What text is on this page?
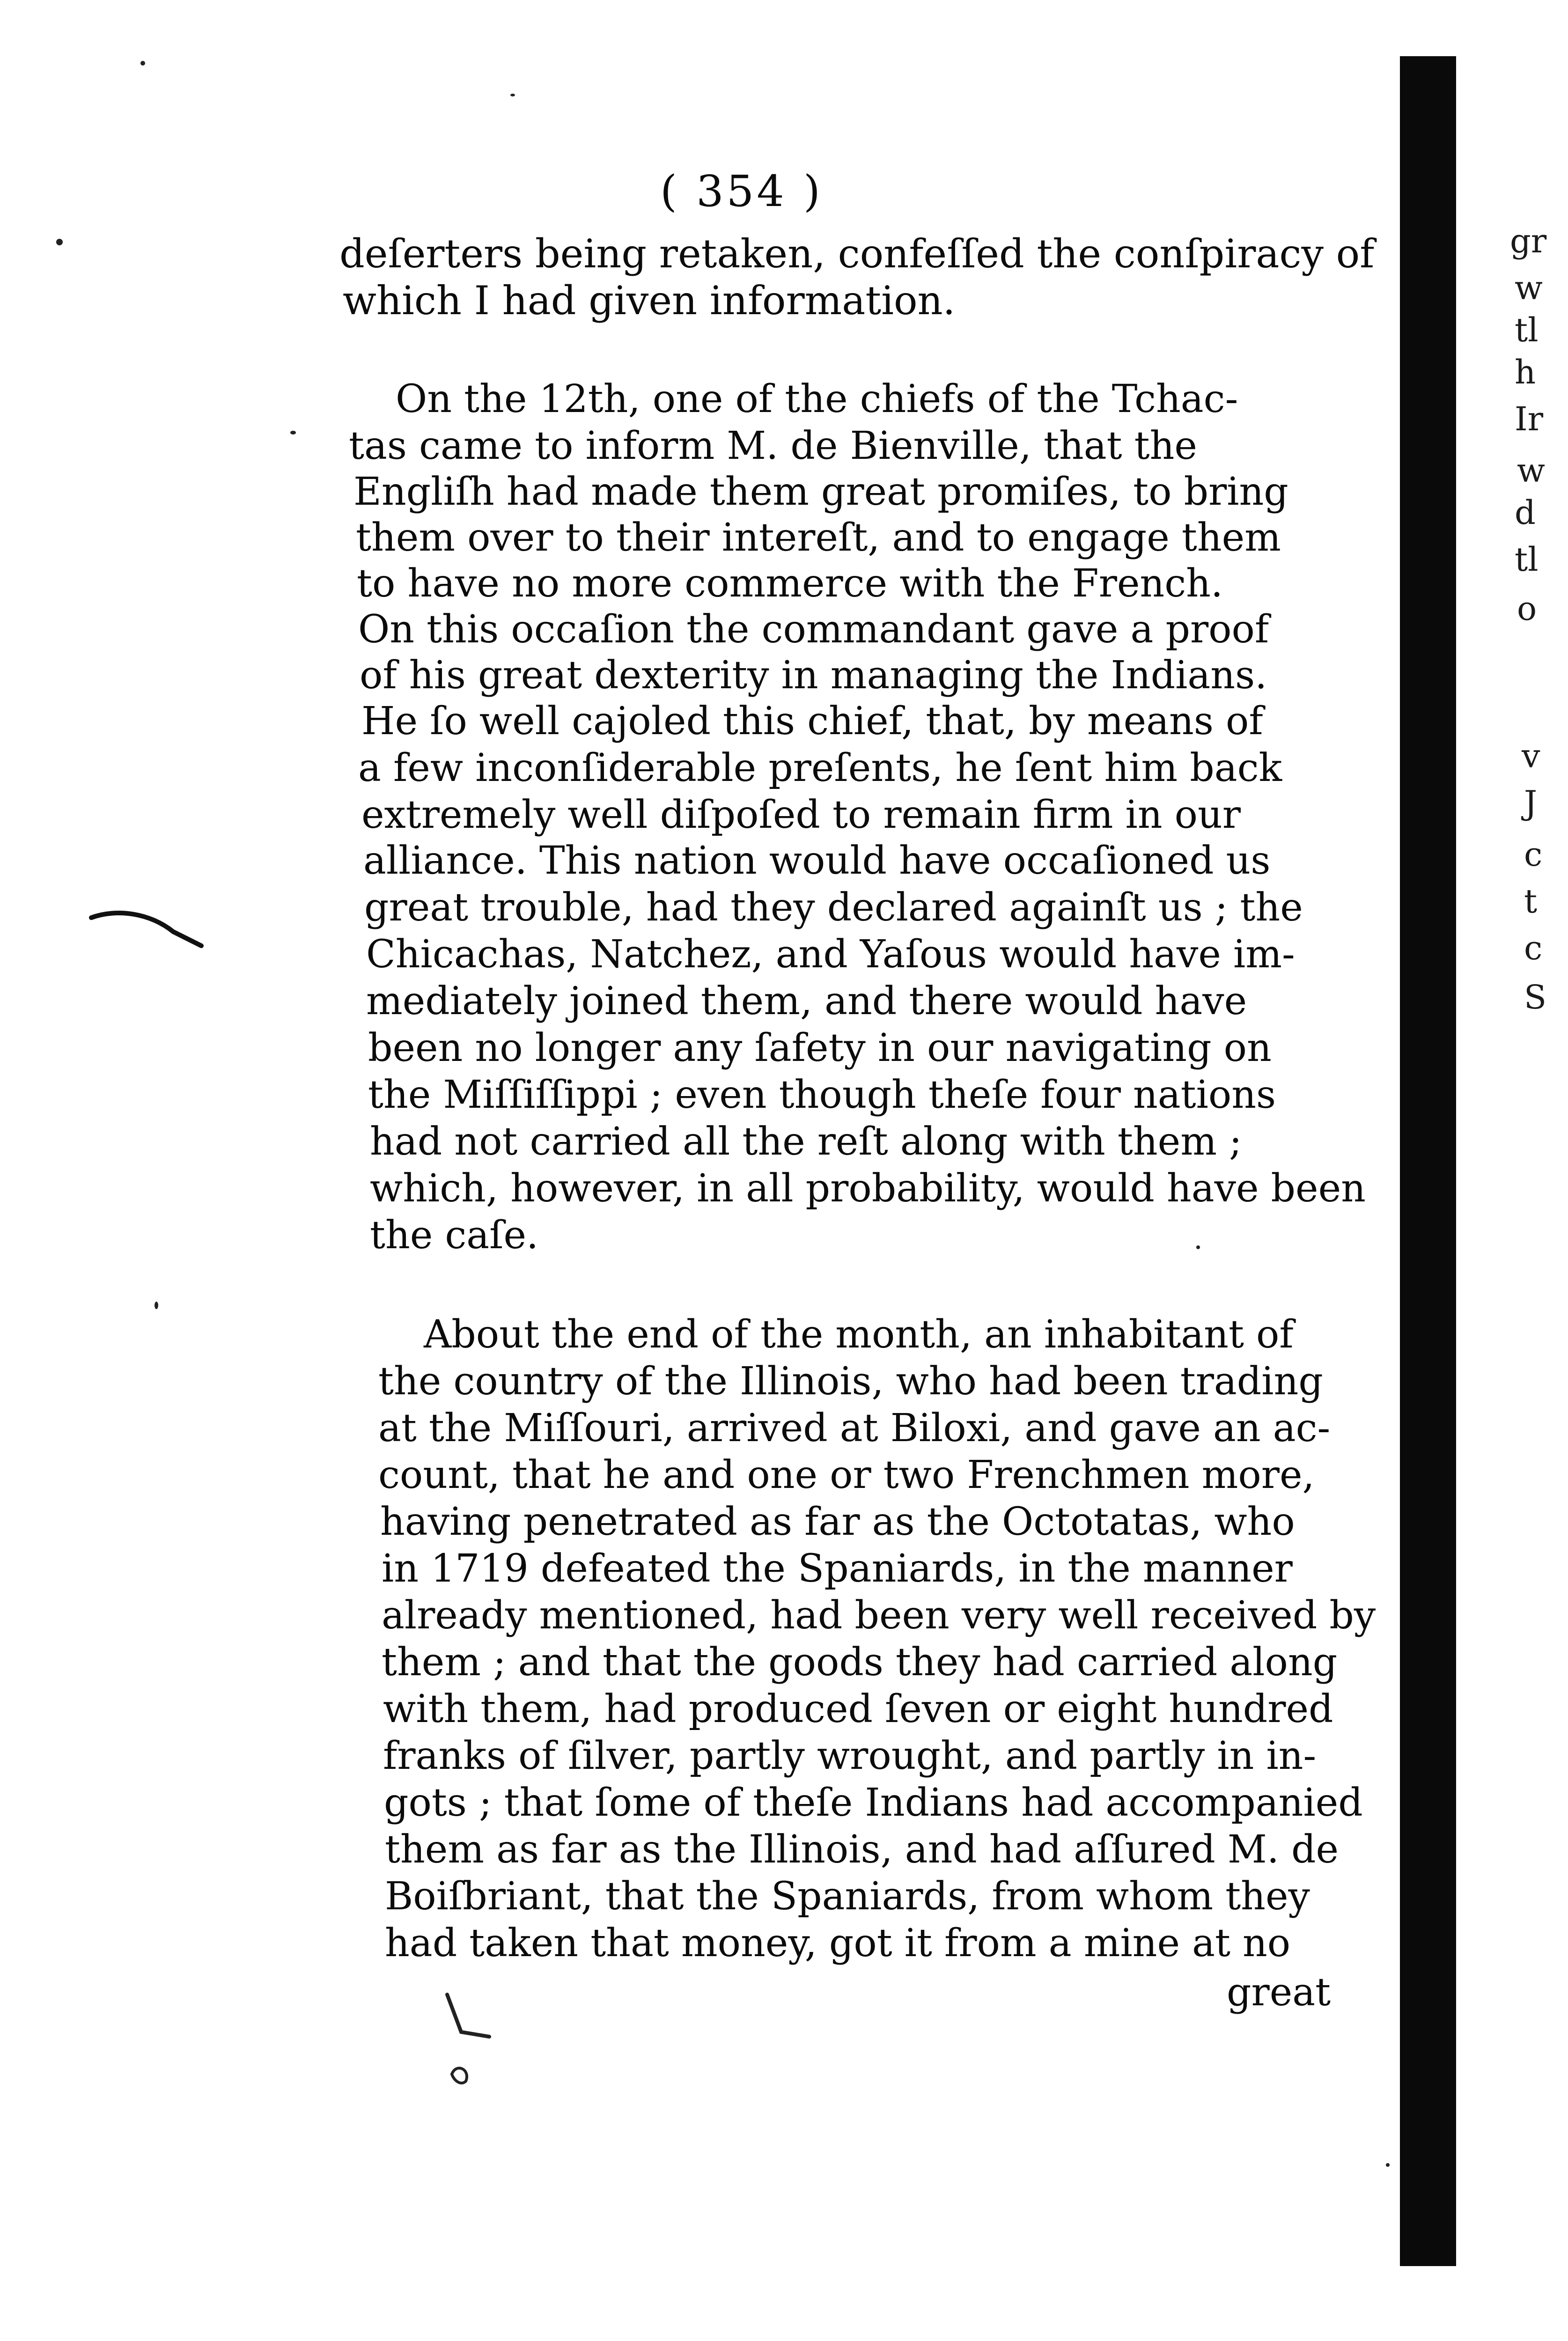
( 354 )
deſerters being retaken, confeſſed the conſpiracy of
which I had given information.
On the 12th, one of the chiefs of the Tchac-
tas came to inform M. de Bienville, that the
Engliſh had made them great promiſes, to bring
them over to their intereſt, and to engage them
to have no more commerce with the French.
On this occaſion the commandant gave a proof
of his great dexterity in managing the Indians.
He ſo well cajoled this chief, that, by means of
a few inconſiderable preſents, he ſent him back
extremely well diſpoſed to remain firm in our
alliance. This nation would have occaſioned us
great trouble, had they declared againſt us ; the
Chicachas, Natchez, and Yaſous would have im-
mediately joined them, and there would have
been no longer any ſafety in our navigating on
the Miſſiſſippi ; even though theſe four nations
had not carried all the reſt along with them ;
which, however, in all probability, would have been
the caſe.
About the end of the month, an inhabitant of
the country of the Illinois, who had been trading
at the Miſſouri, arrived at Biloxi, and gave an ac-
count, that he and one or two Frenchmen more,
having penetrated as far as the Octotatas, who
in 1719 defeated the Spaniards, in the manner
already mentioned, had been very well received by
them ; and that the goods they had carried along
with them, had produced ſeven or eight hundred
franks of ſilver, partly wrought, and partly in in-
gots ; that ſome of theſe Indians had accompanied
them as far as the Illinois, and had aſſured M. de
Boiſbriant, that the Spaniards, from whom they
had taken that money, got it from a mine at no
great
gr
w
tl
h
Ir
w
d
tl
o
v
J
c
t
c
S
